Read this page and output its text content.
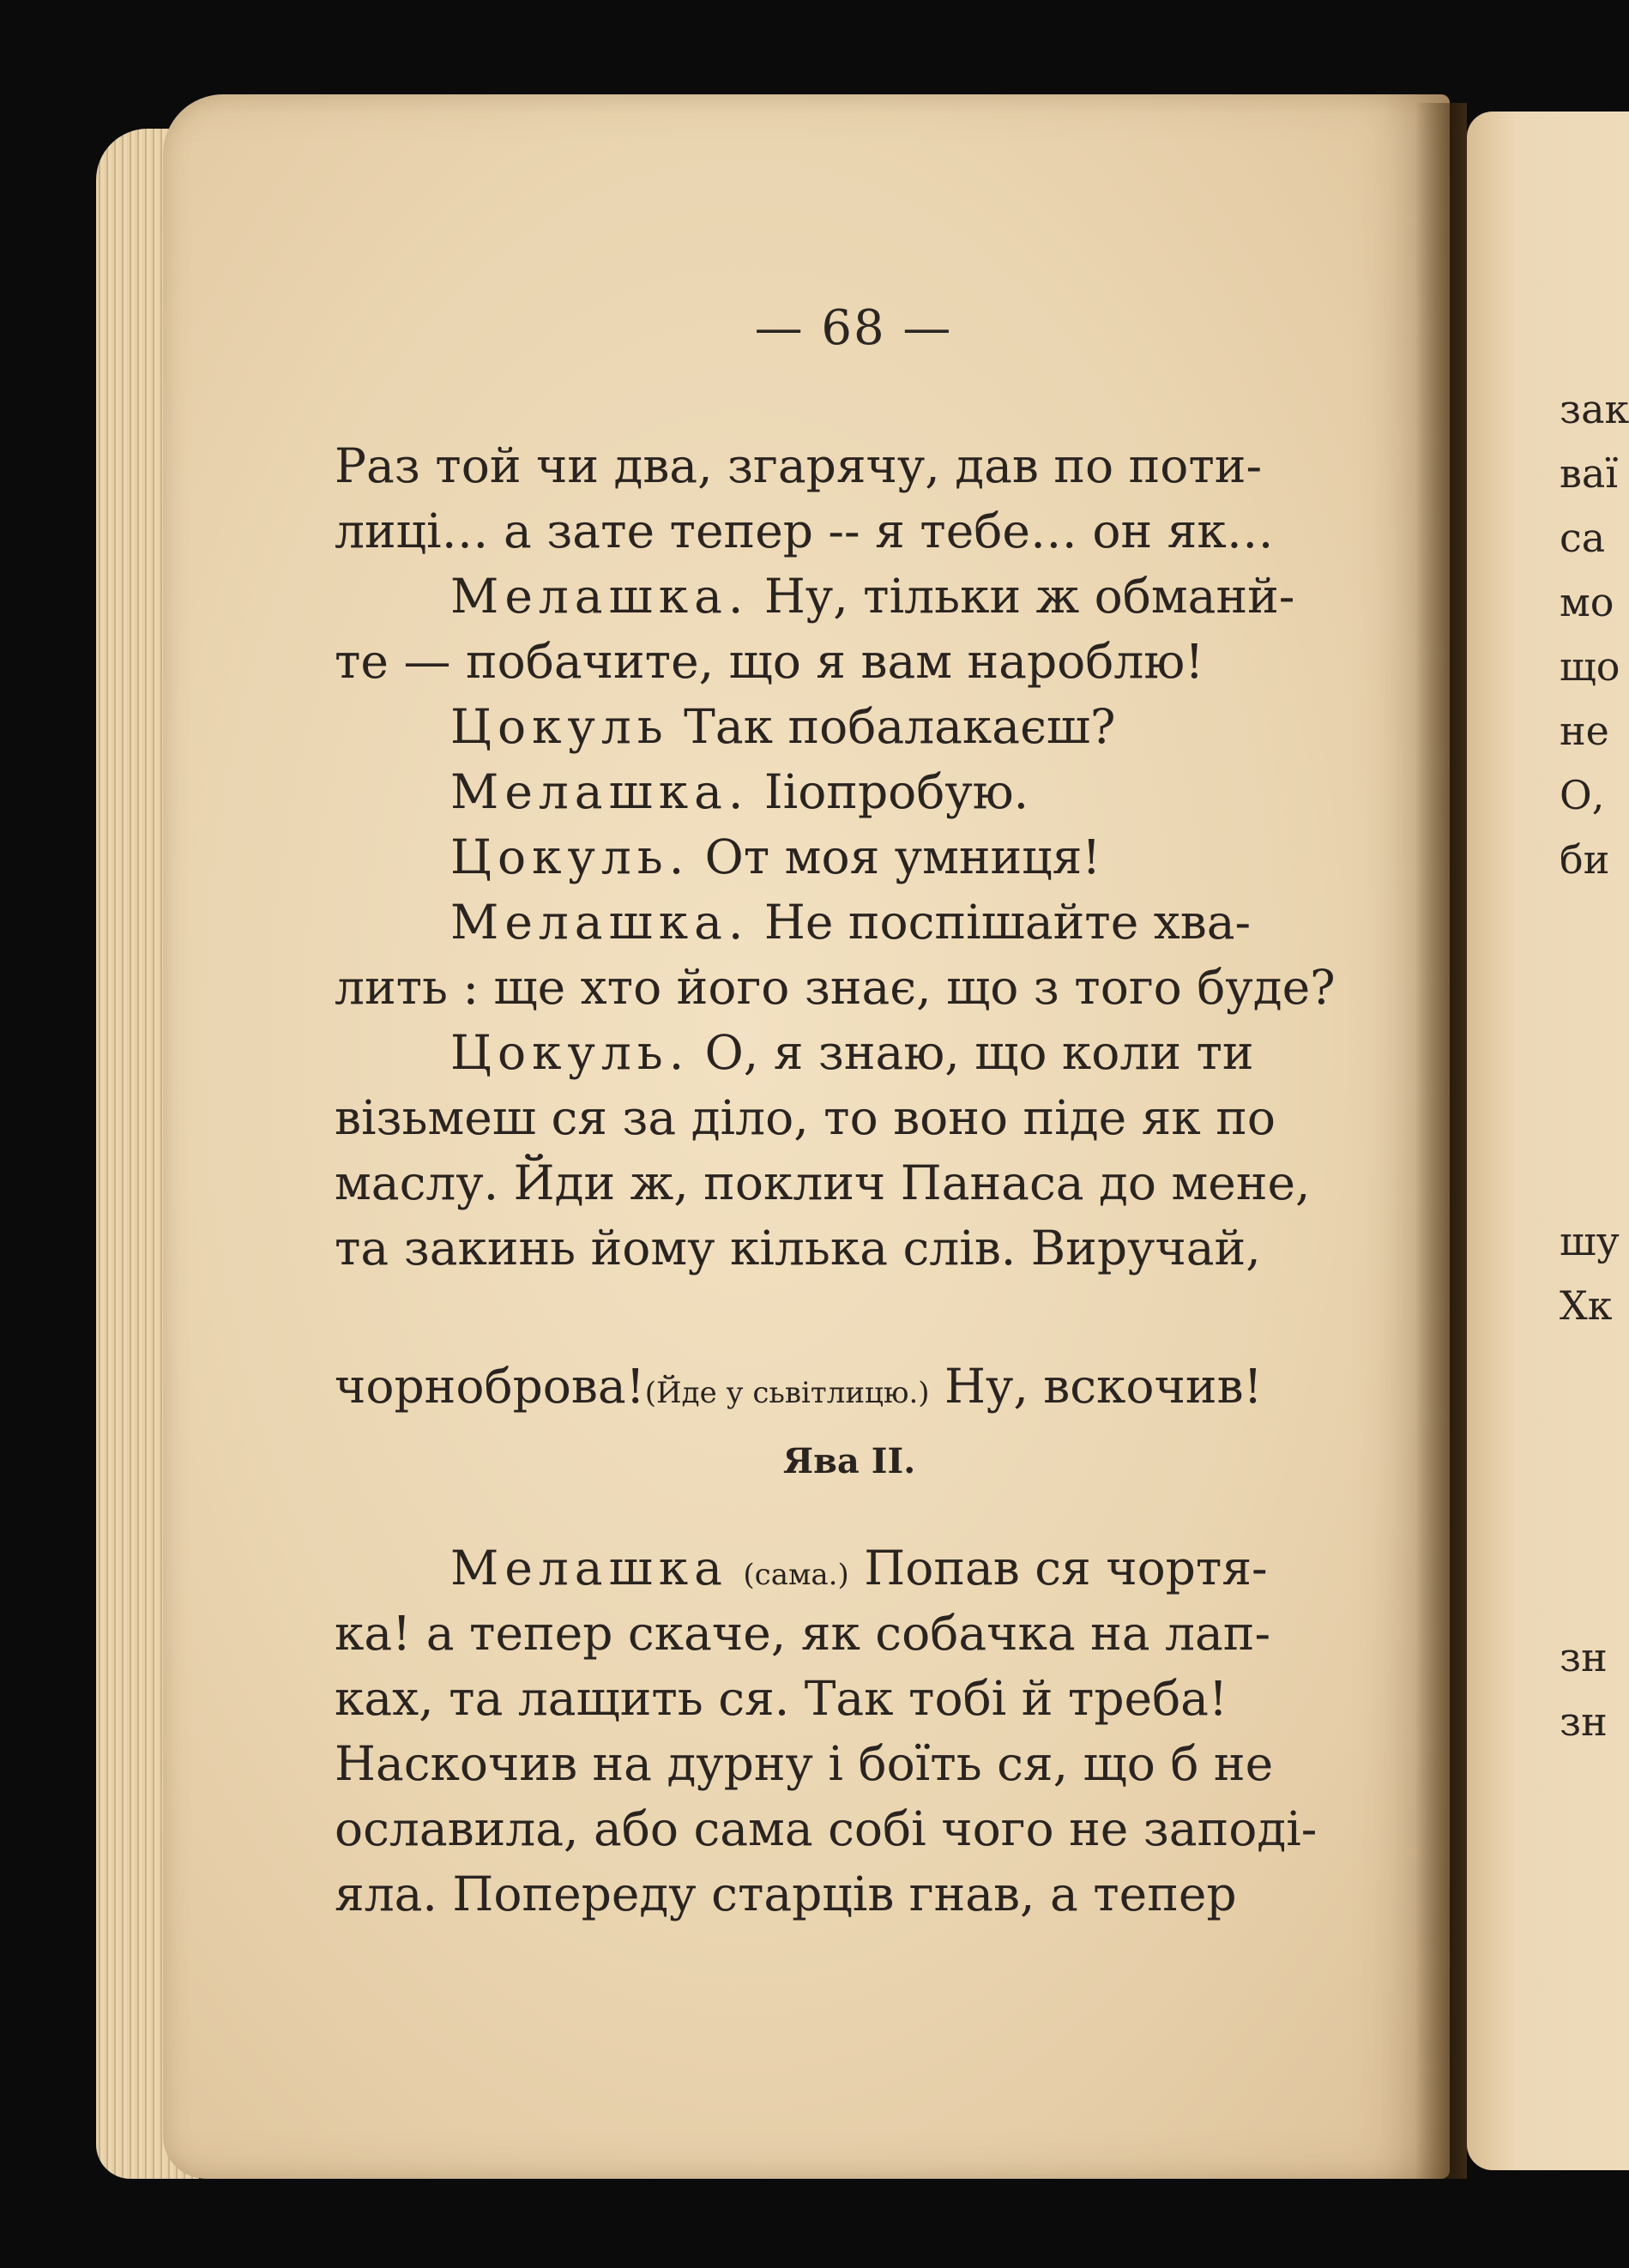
— 68 —
Раз той чи два, згарячу, дав по поти-
лиці… а зате тепер -- я тебе… он як…
Мелашка. Ну, тільки ж обманй-
те — побачите, що я вам нароблю!
Цокуль Так побалакаєш?
Мелашка. Ііопробую.
Цокуль. От моя умниця!
Мелашка. Не поспішайте хва-
лить : ще хто його знає, що з того буде?
Цокуль. О, я знаю, що коли ти
візьмеш ся за діло, то воно піде як по
маслу. Йди ж, поклич Панаса до мене,
та закинь йому кілька слів. Виручай,
чорноброва!(Йде у сьвітлицю.) Ну, вскочив!
Ява II.
Мелашка (сама.) Попав ся чортя-
ка! а тепер скаче, як собачка на лап-
ках, та лащить ся. Так тобі й треба!
Наскочив на дурну і боїть ся, що б не
ославила, або сама собі чого не заподі-
яла. Попереду старців гнав, а тепер
зак
ваї
са
мо
що
не
О,
би
шу
Хк
зн
зн
